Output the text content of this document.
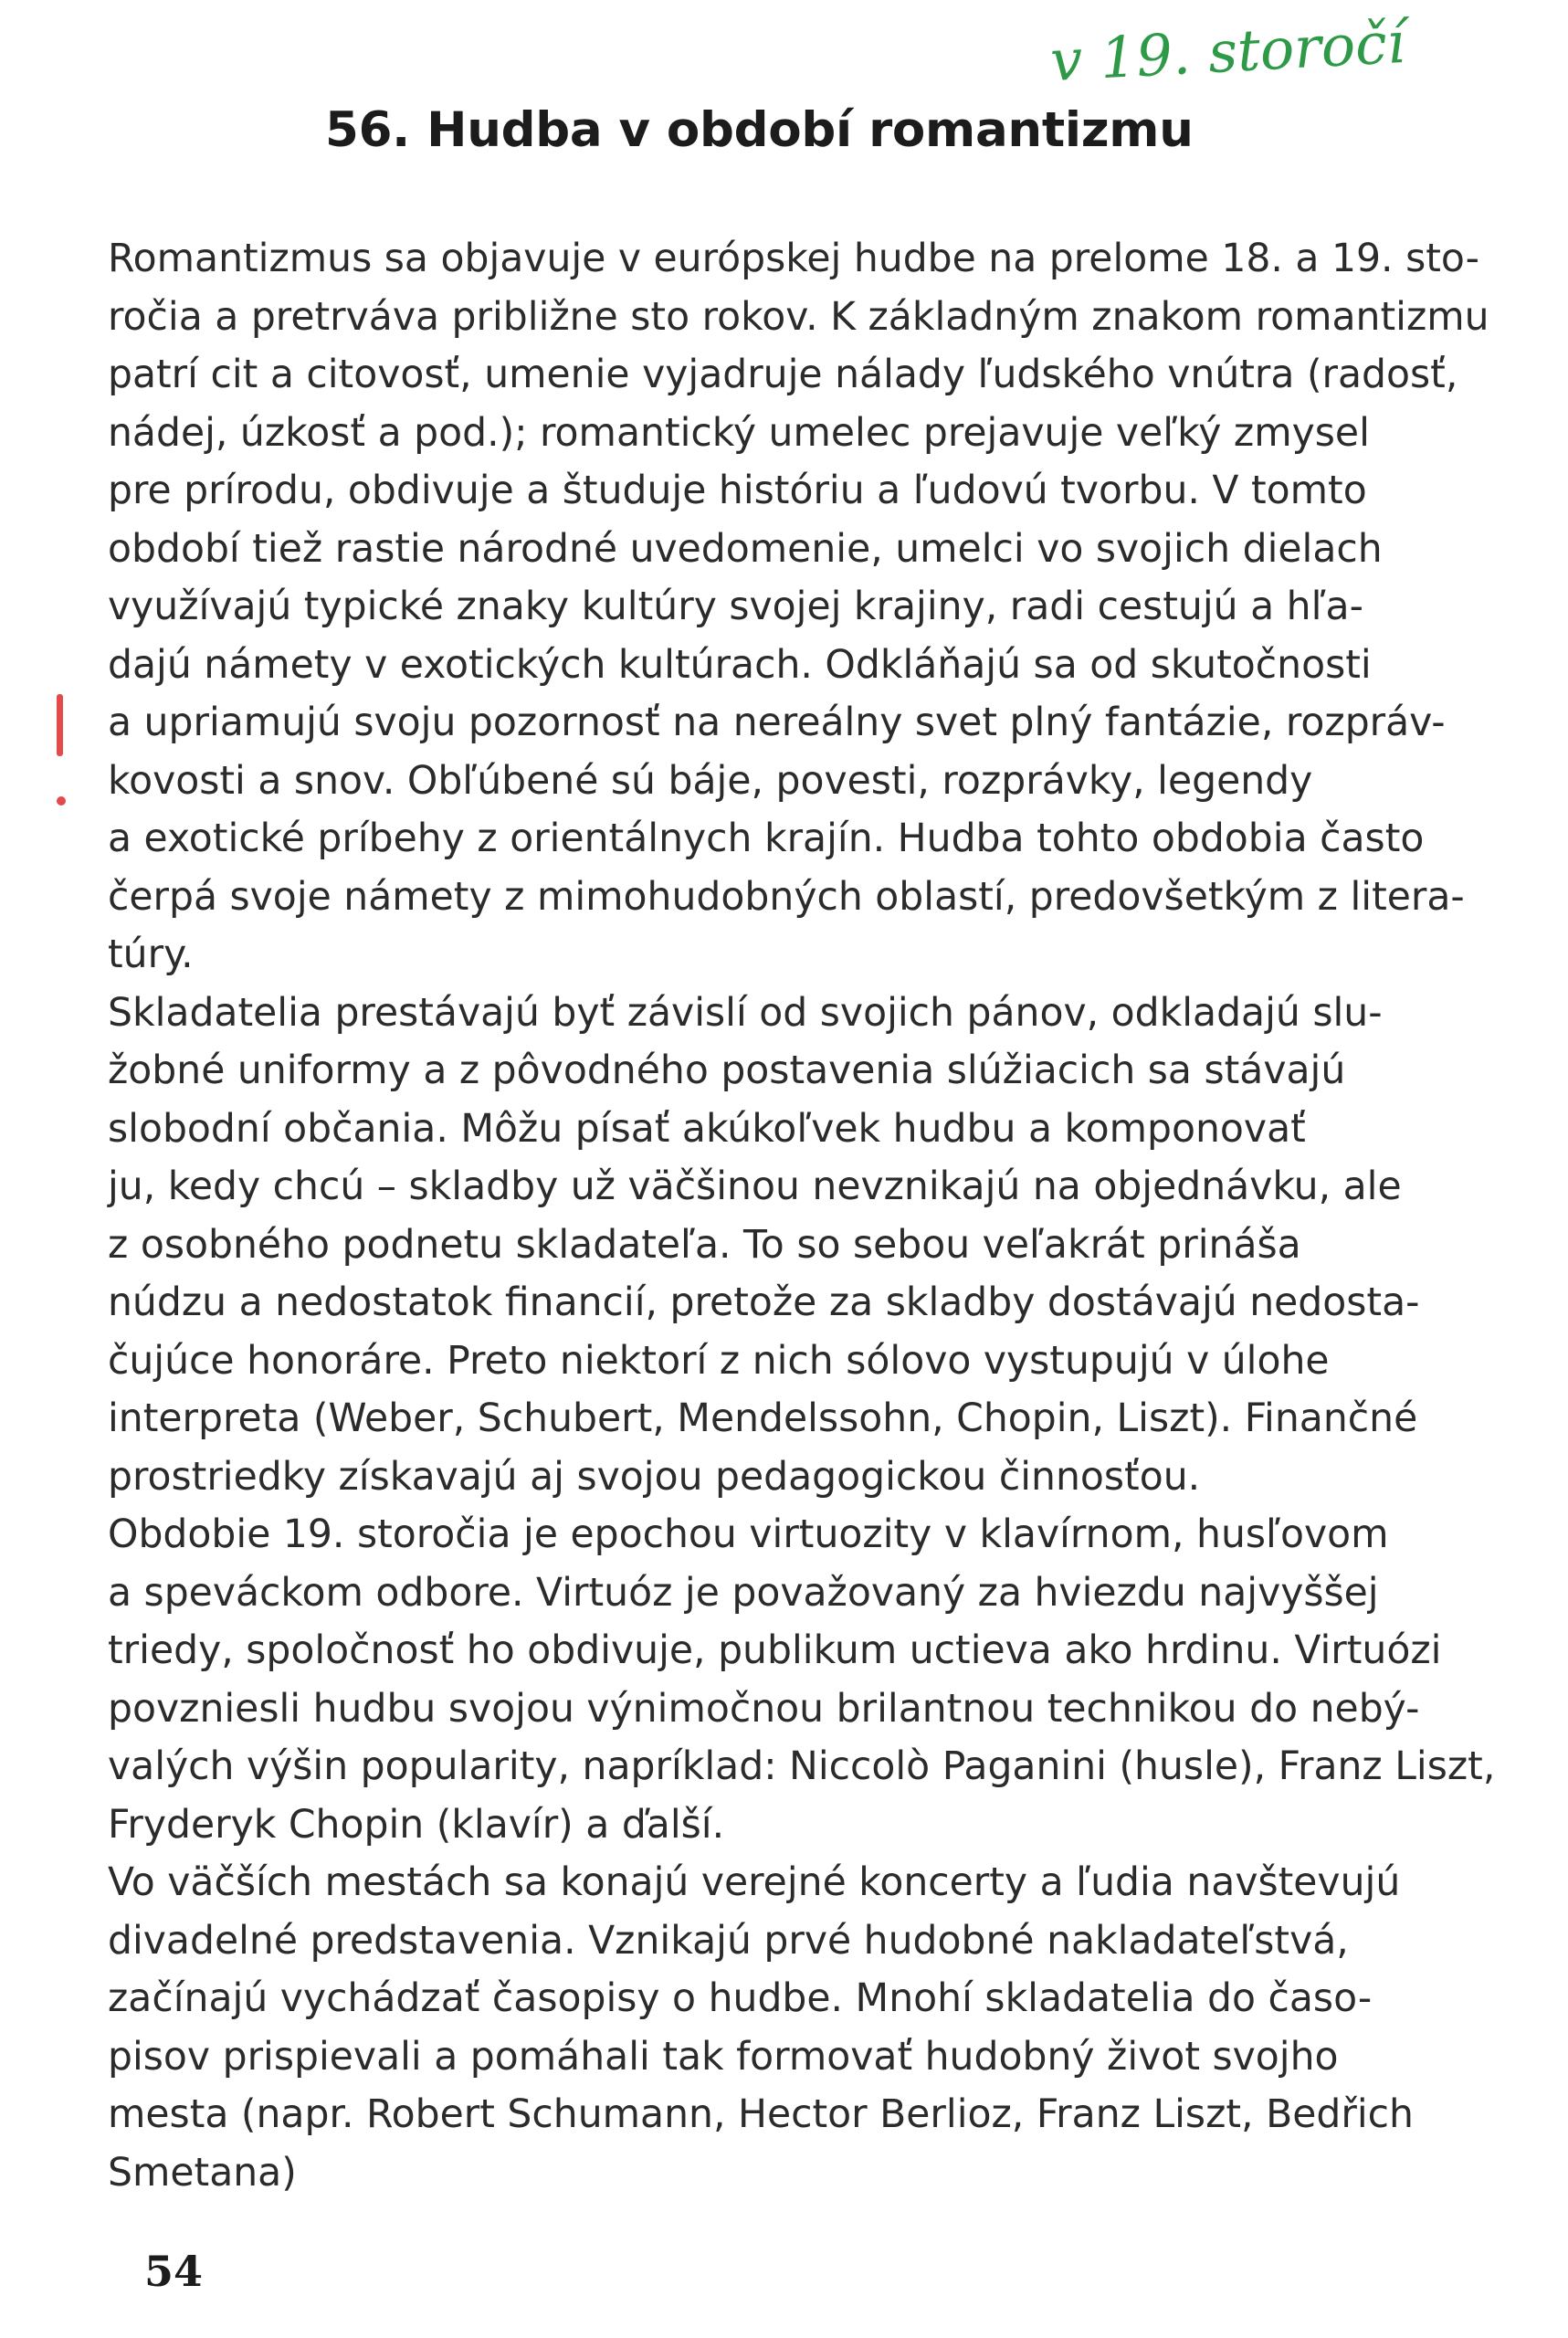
v 19. storočí
56. Hudba v období romantizmu
Romantizmus sa objavuje v európskej hudbe na prelome 18. a 19. sto-
ročia a pretrváva približne sto rokov. K základným znakom romantizmu
patrí cit a citovosť, umenie vyjadruje nálady ľudského vnútra (radosť,
nádej, úzkosť a pod.); romantický umelec prejavuje veľký zmysel
pre prírodu, obdivuje a študuje históriu a ľudovú tvorbu. V tomto
období tiež rastie národné uvedomenie, umelci vo svojich dielach
využívajú typické znaky kultúry svojej krajiny, radi cestujú a hľa-
dajú námety v exotických kultúrach. Odkláňajú sa od skutočnosti
a upriamujú svoju pozornosť na nereálny svet plný fantázie, rozpráv-
kovosti a snov. Obľúbené sú báje, povesti, rozprávky, legendy
a exotické príbehy z orientálnych krajín. Hudba tohto obdobia často
čerpá svoje námety z mimohudobných oblastí, predovšetkým z litera-
túry.
Skladatelia prestávajú byť závislí od svojich pánov, odkladajú slu-
žobné uniformy a z pôvodného postavenia slúžiacich sa stávajú
slobodní občania. Môžu písať akúkoľvek hudbu a komponovať
ju, kedy chcú – skladby už väčšinou nevznikajú na objednávku, ale
z osobného podnetu skladateľa. To so sebou veľakrát prináša
núdzu a nedostatok financií, pretože za skladby dostávajú nedosta-
čujúce honoráre. Preto niektorí z nich sólovo vystupujú v úlohe
interpreta (Weber, Schubert, Mendelssohn, Chopin, Liszt). Finančné
prostriedky získavajú aj svojou pedagogickou činnosťou.
Obdobie 19. storočia je epochou virtuozity v klavírnom, husľovom
a speváckom odbore. Virtuóz je považovaný za hviezdu najvyššej
triedy, spoločnosť ho obdivuje, publikum uctieva ako hrdinu. Virtuózi
povzniesli hudbu svojou výnimočnou brilantnou technikou do nebý-
valých výšin popularity, napríklad: Niccolò Paganini (husle), Franz Liszt,
Fryderyk Chopin (klavír) a ďalší.
Vo väčších mestách sa konajú verejné koncerty a ľudia navštevujú
divadelné predstavenia. Vznikajú prvé hudobné nakladateľstvá,
začínajú vychádzať časopisy o hudbe. Mnohí skladatelia do časo-
pisov prispievali a pomáhali tak formovať hudobný život svojho
mesta (napr. Robert Schumann, Hector Berlioz, Franz Liszt, Bedřich
Smetana)
54
